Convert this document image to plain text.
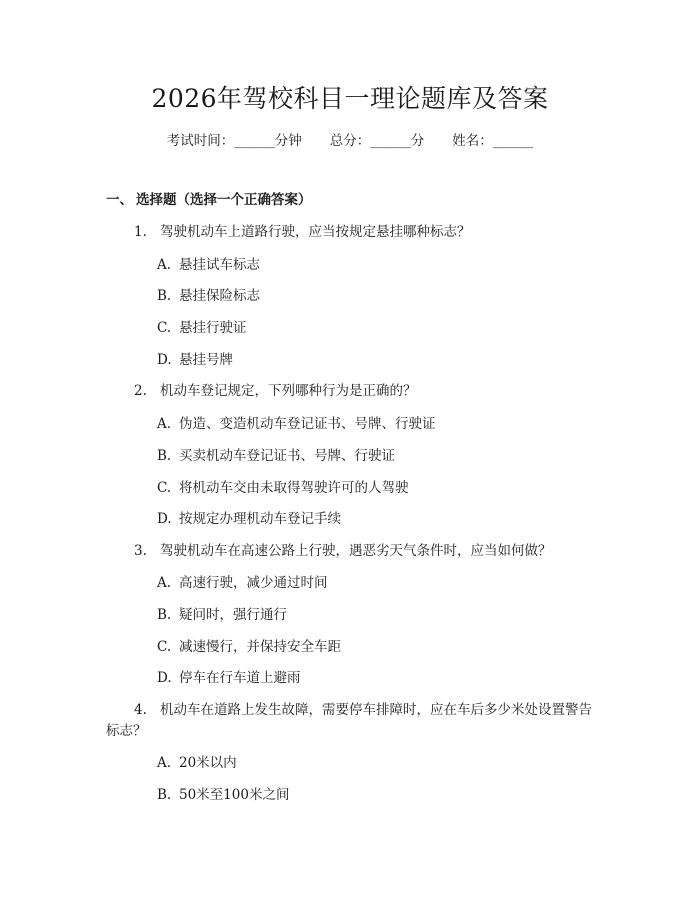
2026年驾校科目一理论题库及答案
考试时间：______分钟 总分：______分 姓名：______
一、 选择题（选择一个正确答案）
1. 驾驶机动车上道路行驶，应当按规定悬挂哪种标志？
A. 悬挂试车标志
B. 悬挂保险标志
C. 悬挂行驶证
D. 悬挂号牌
2. 机动车登记规定，下列哪种行为是正确的？
A. 伪造、变造机动车登记证书、号牌、行驶证
B. 买卖机动车登记证书、号牌、行驶证
C. 将机动车交由未取得驾驶许可的人驾驶
D. 按规定办理机动车登记手续
3. 驾驶机动车在高速公路上行驶，遇恶劣天气条件时，应当如何做？
A. 高速行驶，减少通过时间
B. 疑问时，强行通行
C. 减速慢行，并保持安全车距
D. 停车在行车道上避雨
4. 机动车在道路上发生故障，需要停车排障时，应在车后多少米处设置警告
标志？
A. 20米以内
B. 50米至100米之间
